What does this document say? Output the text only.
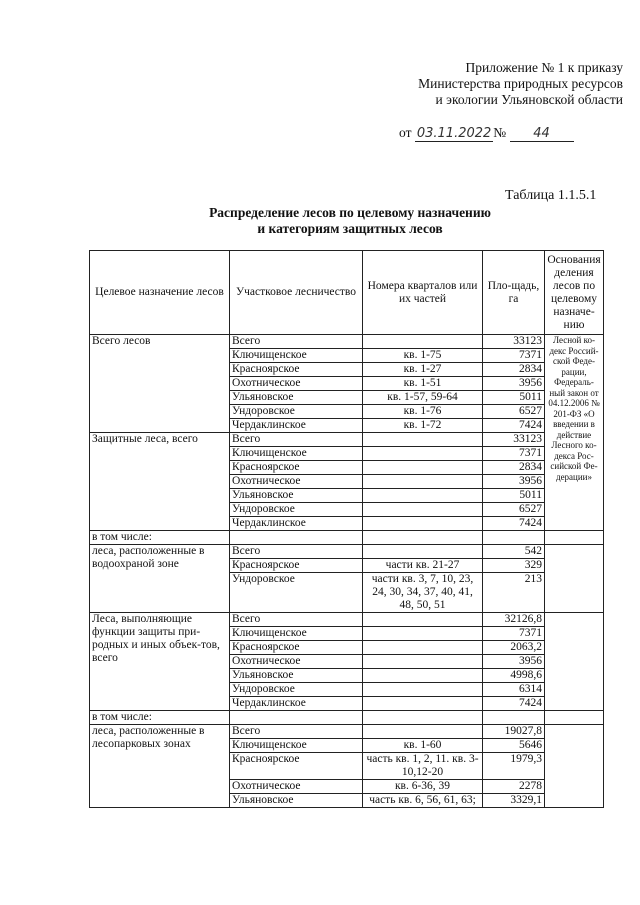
Приложение № 1 к приказу
Министерства природных ресурсов
и экологии Ульяновской области
от 03.11.2022 № 44
Таблица 1.1.5.1
Распределение лесов по целевому назначению
и категориям защитных лесов
Целевое назначение лесов	Участковое лесничество	Номера кварталов или их частей	Пло-щадь, га	Основания деления лесов по целевому назначе-нию
Всего лесов	Всего		33123	Лесной ко-декс Россий-ской Феде-рации, Федераль-ный закон от 04.12.2006 № 201-ФЗ «О введении в действие Лесного ко-декса Рос-сийской Фе-дерации»
	Ключищенское	кв. 1-75	7371	
	Красноярское	кв. 1-27	2834	
	Охотничеcкое	кв. 1-51	3956	
	Ульяновское	кв. 1-57, 59-64	5011	
	Ундоровское	кв. 1-76	6527	
	Чердаклинское	кв. 1-72	7424	
Защитные леса, всего	Всего		33123	
	Ключищенское		7371	
	Красноярское		2834	
	Охотничеcкое		3956	
	Ульяновское		5011	
	Ундоровское		6527	
	Чердаклинское		7424	
в том числе:				
леса, расположенные в водоохраной зоне	Всего		542	
	Красноярское	части кв. 21-27	329	
	Ундоровское	части кв. 3, 7, 10, 23, 24, 30, 34, 37, 40, 41, 48, 50, 51	213	
Леса, выполняющие функции защиты при-родных и иных объек-тов, всего	Всего		32126,8	
	Ключищенское		7371	
	Красноярское		2063,2	
	Охотничеcкое		3956	
	Ульяновское		4998,6	
	Ундоровское		6314	
	Чердаклинское		7424	
в том числе:				
леса, расположенные в лесопарковых зонах	Всего		19027,8	
	Ключищенское	кв. 1-60	5646	
	Красноярское	часть кв. 1, 2, 11. кв. 3-10,12-20	1979,3	
	Охотничеcкое	кв. 6-36, 39	2278	
	Ульяновское	часть кв. 6, 56, 61, 63;	3329,1	
